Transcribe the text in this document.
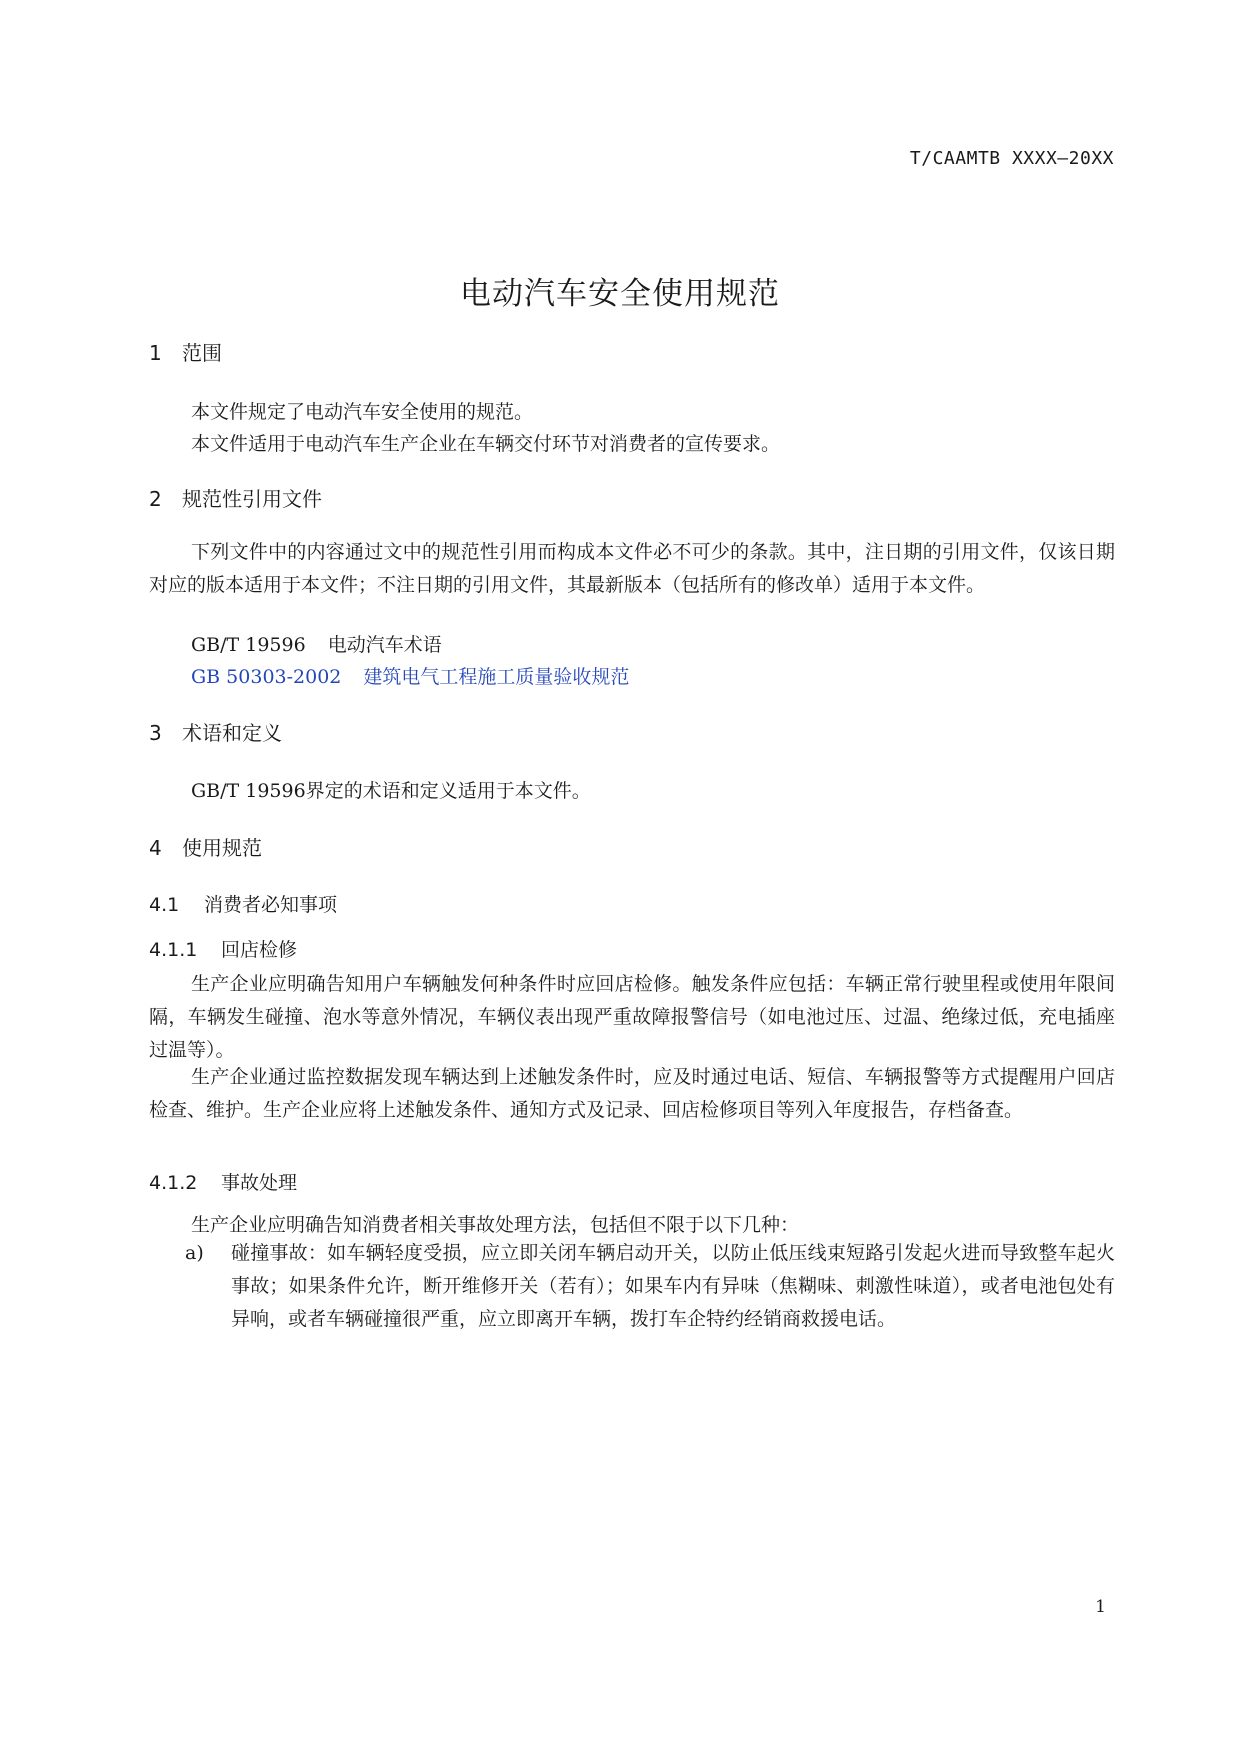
T/CAAMTB XXXX—20XX
电动汽车安全使用规范
1 范围
本文件规定了电动汽车安全使用的规范。
本文件适用于电动汽车生产企业在车辆交付环节对消费者的宣传要求。
2 规范性引用文件

下列文件中的内容通过文中的规范性引用而构成本文件必不可少的条款。其中，注日期的引用文件，仅该日期对应的版本适用于本文件；不注日期的引用文件，其最新版本（包括所有的修改单）适用于本文件。

GB/T 19596 电动汽车术语
GB 50303-2002 建筑电气工程施工质量验收规范
3 术语和定义
GB/T 19596界定的术语和定义适用于本文件。
4 使用规范
4.1 消费者必知事项
4.1.1 回店检修

生产企业应明确告知用户车辆触发何种条件时应回店检修。触发条件应包括：车辆正常行驶里程或使用年限间隔，车辆发生碰撞、泡水等意外情况，车辆仪表出现严重故障报警信号（如电池过压、过温、绝缘过低，充电插座过温等）。

生产企业通过监控数据发现车辆达到上述触发条件时，应及时通过电话、短信、车辆报警等方式提醒用户回店检查、维护。生产企业应将上述触发条件、通知方式及记录、回店检修项目等列入年度报告，存档备查。

4.1.2 事故处理
生产企业应明确告知消费者相关事故处理方法，包括但不限于以下几种：
a) 碰撞事故：如车辆轻度受损，应立即关闭车辆启动开关，以防止低压线束短路引发起火进而导致整车起火事故；如果条件允许，断开维修开关（若有）；如果车内有异味（焦糊味、刺激性味道），或者电池包处有异响，或者车辆碰撞很严重，应立即离开车辆，拨打车企特约经销商救援电话。
1
